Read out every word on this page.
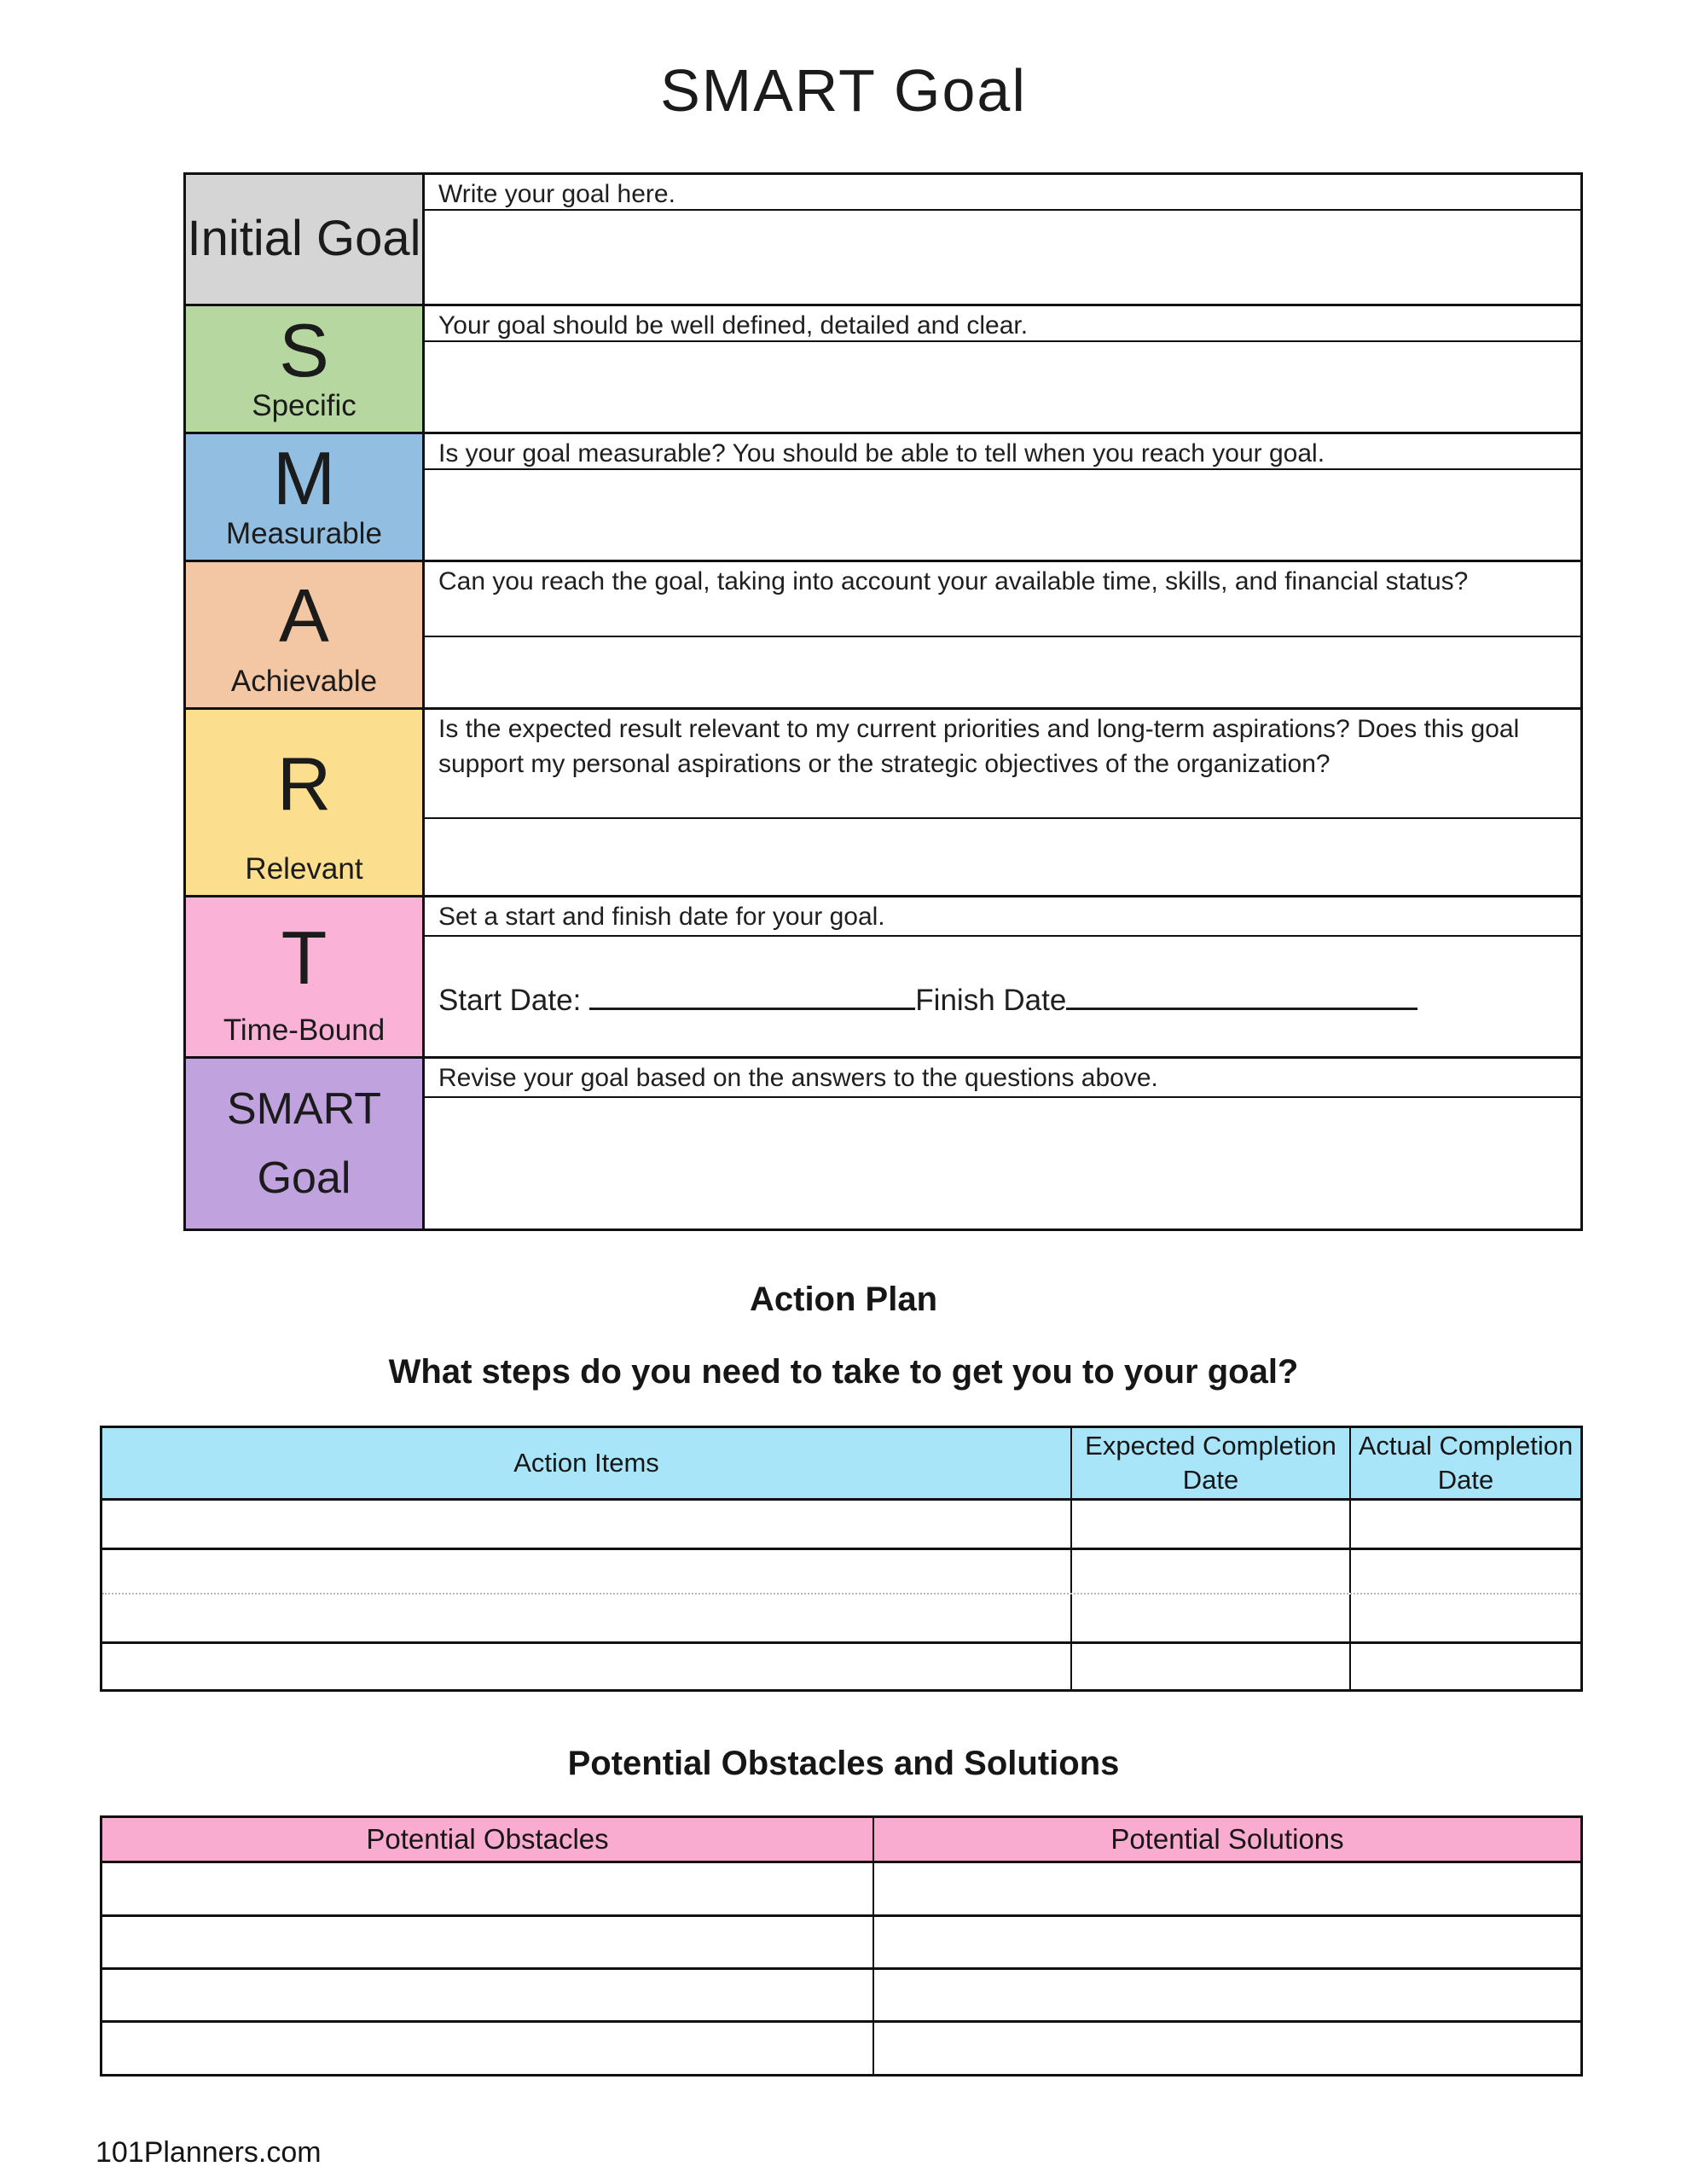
SMART Goal
Initial Goal
Write your goal here.
S
Specific
Your goal should be well defined, detailed and clear.
M
Measurable
Is your goal measurable? You should be able to tell when you reach your goal.
A
Achievable
Can you reach the goal, taking into account your available time, skills, and financial status?
R
Relevant
Is the expected result relevant to my current priorities and long-term aspirations? Does this goal support my personal aspirations or the strategic objectives of the organization?
T
Time-Bound
Set a start and finish date for your goal.
Start Date:	Finish Date
SMART Goal
Revise your goal based on the answers to the questions above.
Action Plan
What steps do you need to take to get you to your goal?
Action Items
Expected Completion Date
Actual Completion Date
Potential Obstacles and Solutions
Potential Obstacles	Potential Solutions
101Planners.com
